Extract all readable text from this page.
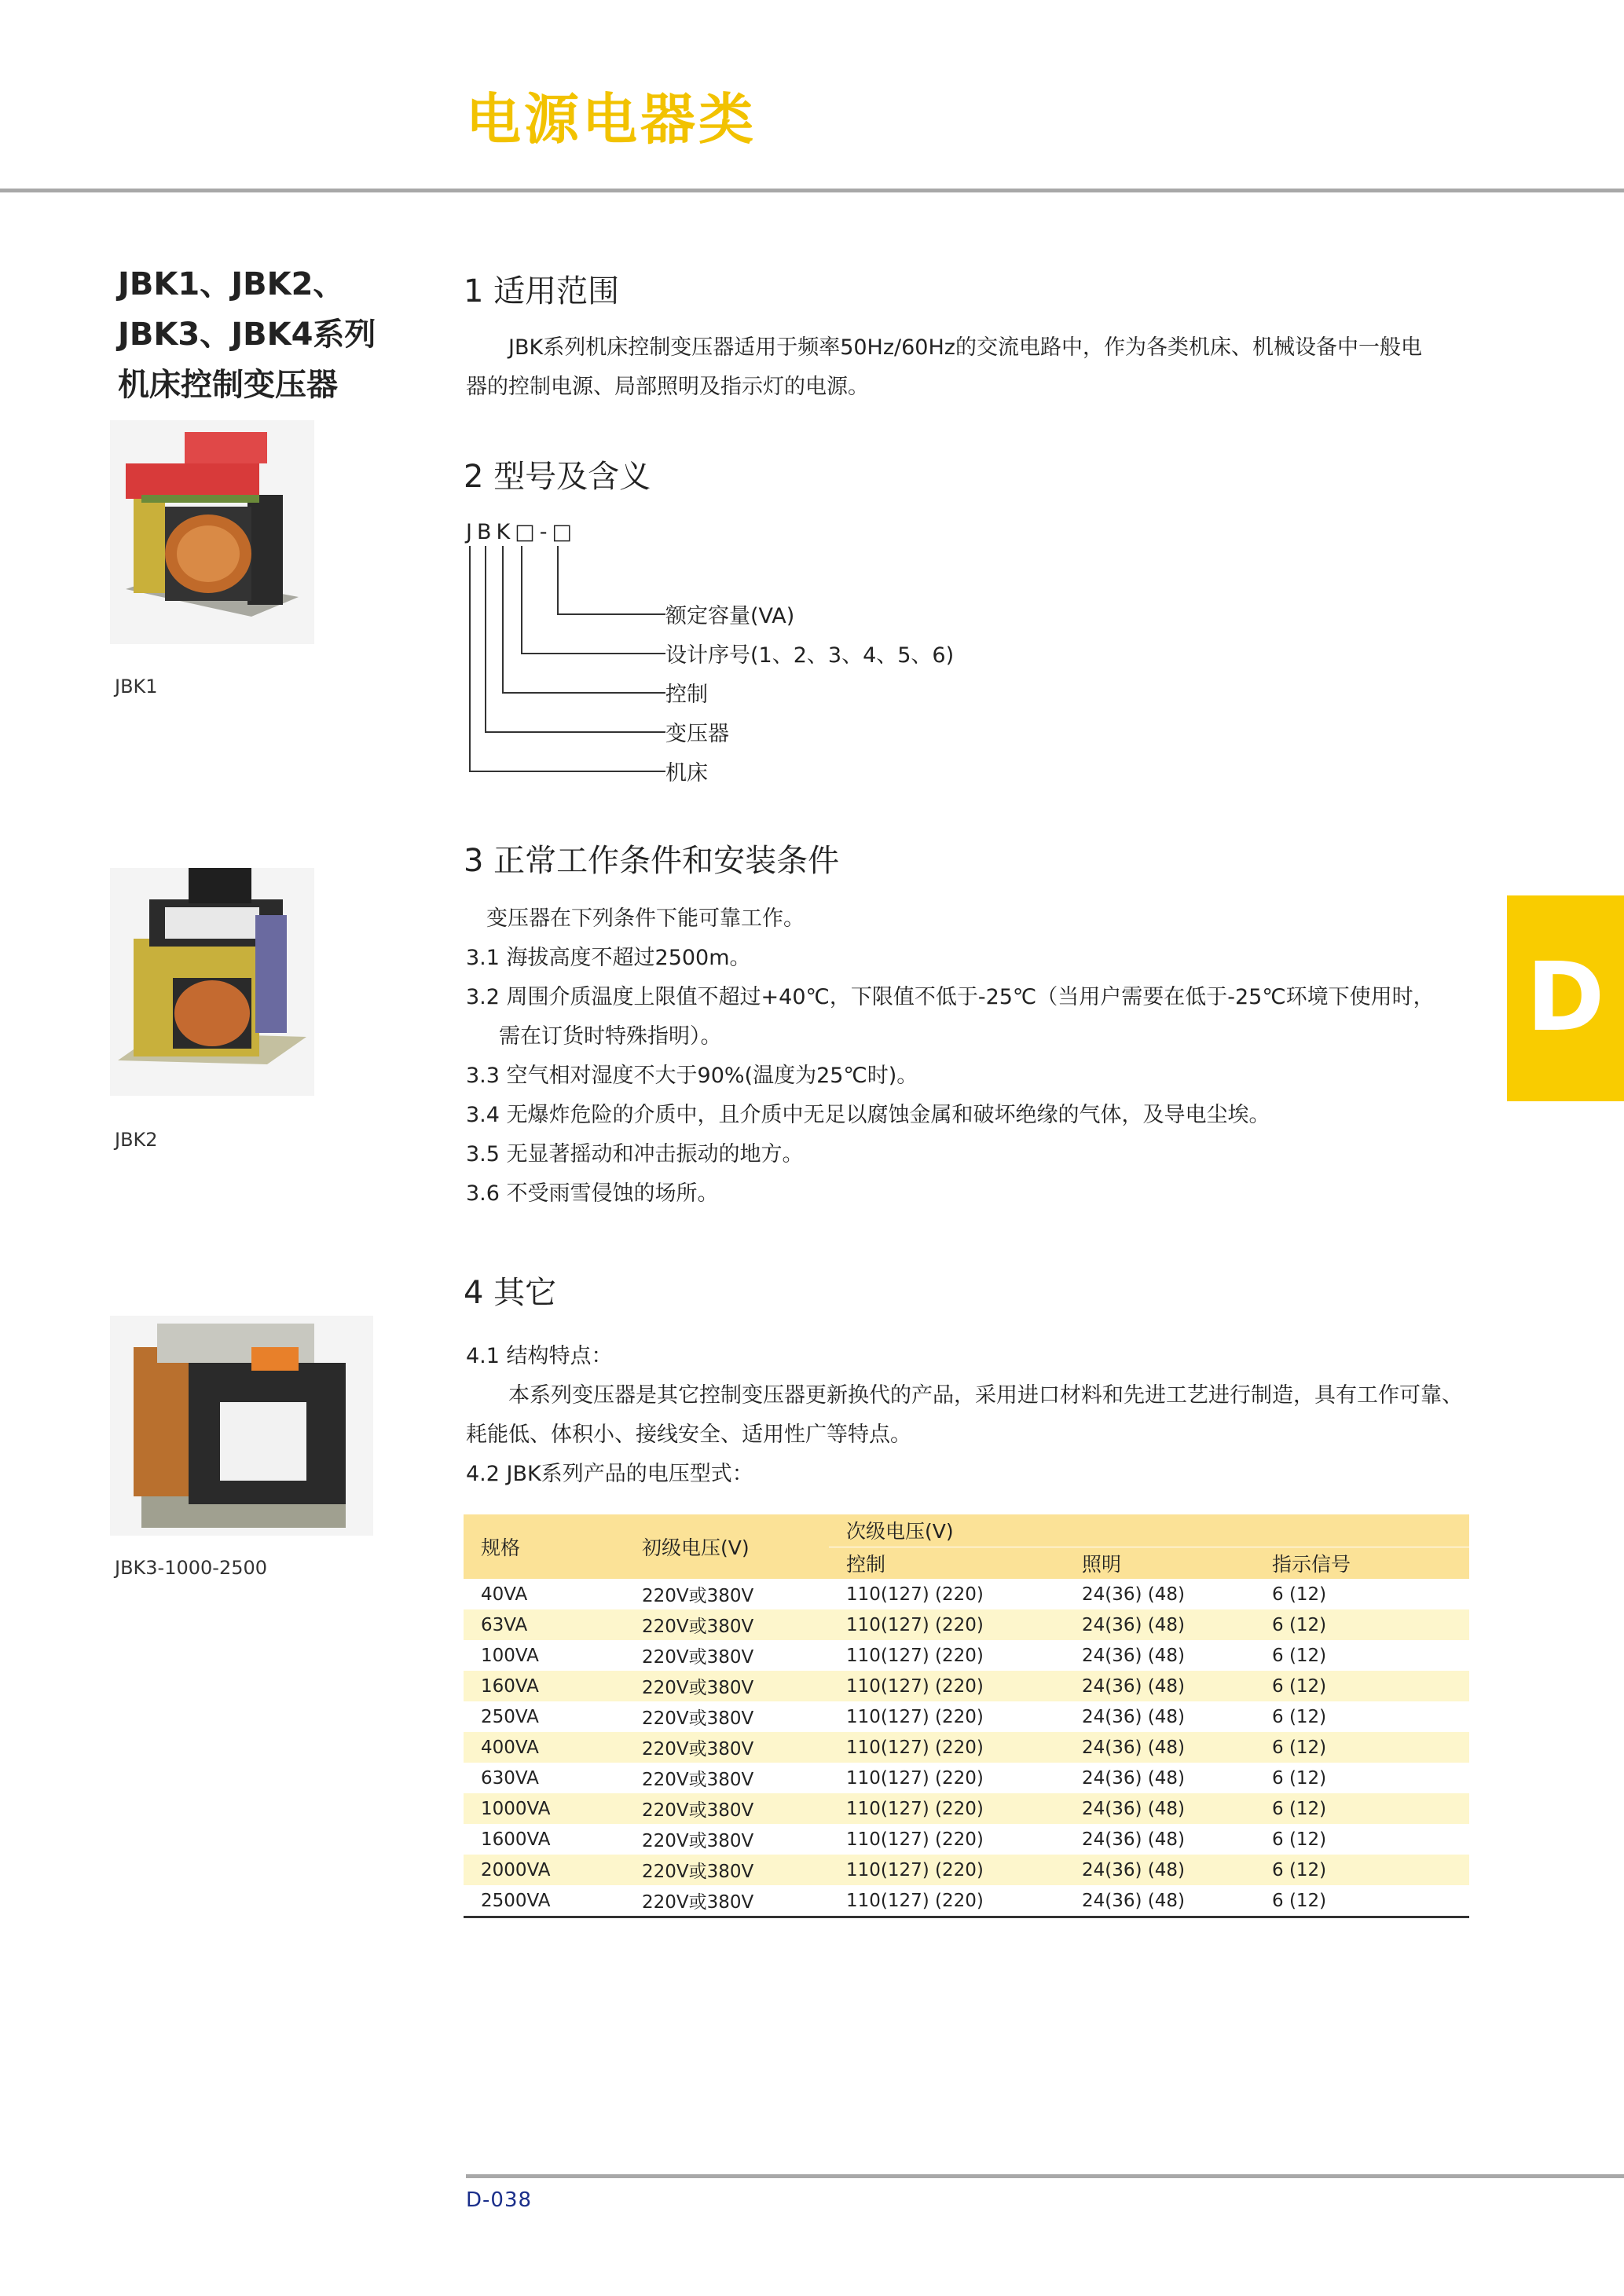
电源电器类
JBK1、JBK2、
JBK3、JBK4系列
机床控制变压器
JBK1
JBK2
JBK3-1000-2500
1 适用范围
JBK系列机床控制变压器适用于频率50Hz/60Hz的交流电路中，作为各类机床、机械设备中一般电
器的控制电源、局部照明及指示灯的电源。
2 型号及含义
JBK□-□
额定容量(VA)
设计序号(1、2、3、4、5、6)
控制
变压器
机床
3 正常工作条件和安装条件
变压器在下列条件下能可靠工作。
3.1 海拔高度不超过2500m。
3.2 周围介质温度上限值不超过+40℃，下限值不低于-25℃（当用户需要在低于-25℃环境下使用时，
需在订货时特殊指明）。
3.3 空气相对湿度不大于90%(温度为25℃时)。
3.4 无爆炸危险的介质中，且介质中无足以腐蚀金属和破坏绝缘的气体，及导电尘埃。
3.5 无显著摇动和冲击振动的地方。
3.6 不受雨雪侵蚀的场所。
D
4 其它
4.1 结构特点：
本系列变压器是其它控制变压器更新换代的产品，采用进口材料和先进工艺进行制造，具有工作可靠、
耗能低、体积小、接线安全、适用性广等特点。
4.2 JBK系列产品的电压型式：
规格	初级电压(V)	次级电压(V)		
		控制	照明	指示信号
40VA	220V或380V	110(127) (220)	24(36) (48)	6 (12)
63VA	220V或380V	110(127) (220)	24(36) (48)	6 (12)
100VA	220V或380V	110(127) (220)	24(36) (48)	6 (12)
160VA	220V或380V	110(127) (220)	24(36) (48)	6 (12)
250VA	220V或380V	110(127) (220)	24(36) (48)	6 (12)
400VA	220V或380V	110(127) (220)	24(36) (48)	6 (12)
630VA	220V或380V	110(127) (220)	24(36) (48)	6 (12)
1000VA	220V或380V	110(127) (220)	24(36) (48)	6 (12)
1600VA	220V或380V	110(127) (220)	24(36) (48)	6 (12)
2000VA	220V或380V	110(127) (220)	24(36) (48)	6 (12)
2500VA	220V或380V	110(127) (220)	24(36) (48)	6 (12)
D-038
